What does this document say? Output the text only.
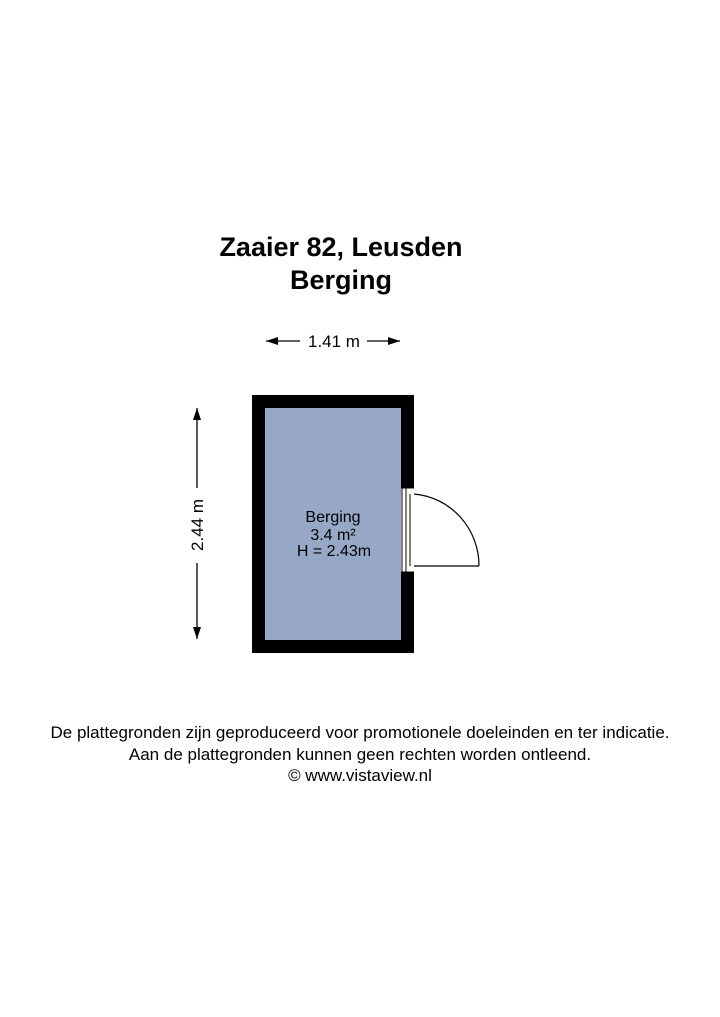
Zaaier 82, Leusden
Berging
1.41 m
2.44 m	Berging
3.4 m²
H = 2.43m
De plattegronden zijn geproduceerd voor promotionele doeleinden en ter indicatie.
Aan de plattegronden kunnen geen rechten worden ontleend.
© www.vistaview.nl
